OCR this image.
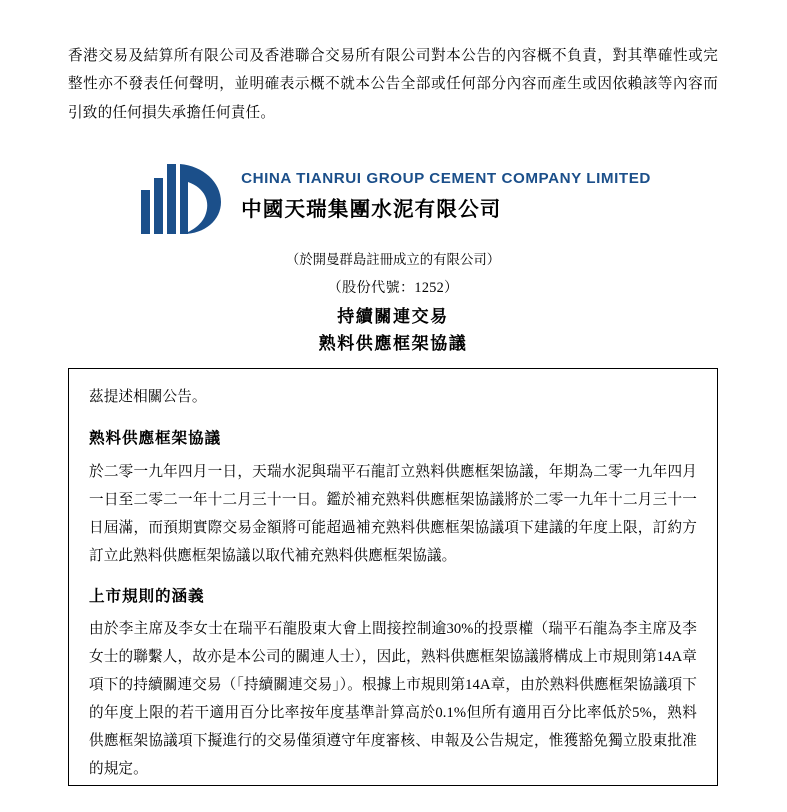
香港交易及結算所有限公司及香港聯合交易所有限公司對本公告的內容概不負責，對其準確性或完整性亦不發表任何聲明，並明確表示概不就本公告全部或任何部分內容而產生或因依賴該等內容而引致的任何損失承擔任何責任。
CHINA TIANRUI GROUP CEMENT COMPANY LIMITED
中國天瑞集團水泥有限公司
（於開曼群島註冊成立的有限公司）
（股份代號：1252）
持續關連交易
熟料供應框架協議

茲提述相關公告。

熟料供應框架協議

於二零一九年四月一日，天瑞水泥與瑞平石龍訂立熟料供應框架協議，年期為二零一九年四月一日至二零二一年十二月三十一日。鑑於補充熟料供應框架協議將於二零一九年十二月三十一日屆滿，而預期實際交易金額將可能超過補充熟料供應框架協議項下建議的年度上限，訂約方訂立此熟料供應框架協議以取代補充熟料供應框架協議。

上市規則的涵義

由於李主席及李女士在瑞平石龍股東大會上間接控制逾30%的投票權（瑞平石龍為李主席及李女士的聯繫人，故亦是本公司的關連人士），因此，熟料供應框架協議將構成上市規則第14A章項下的持續關連交易（「持續關連交易」）。根據上市規則第14A章，由於熟料供應框架協議項下的年度上限的若干適用百分比率按年度基準計算高於0.1%但所有適用百分比率低於5%，熟料供應框架協議項下擬進行的交易僅須遵守年度審核、申報及公告規定，惟獲豁免獨立股東批准的規定。
